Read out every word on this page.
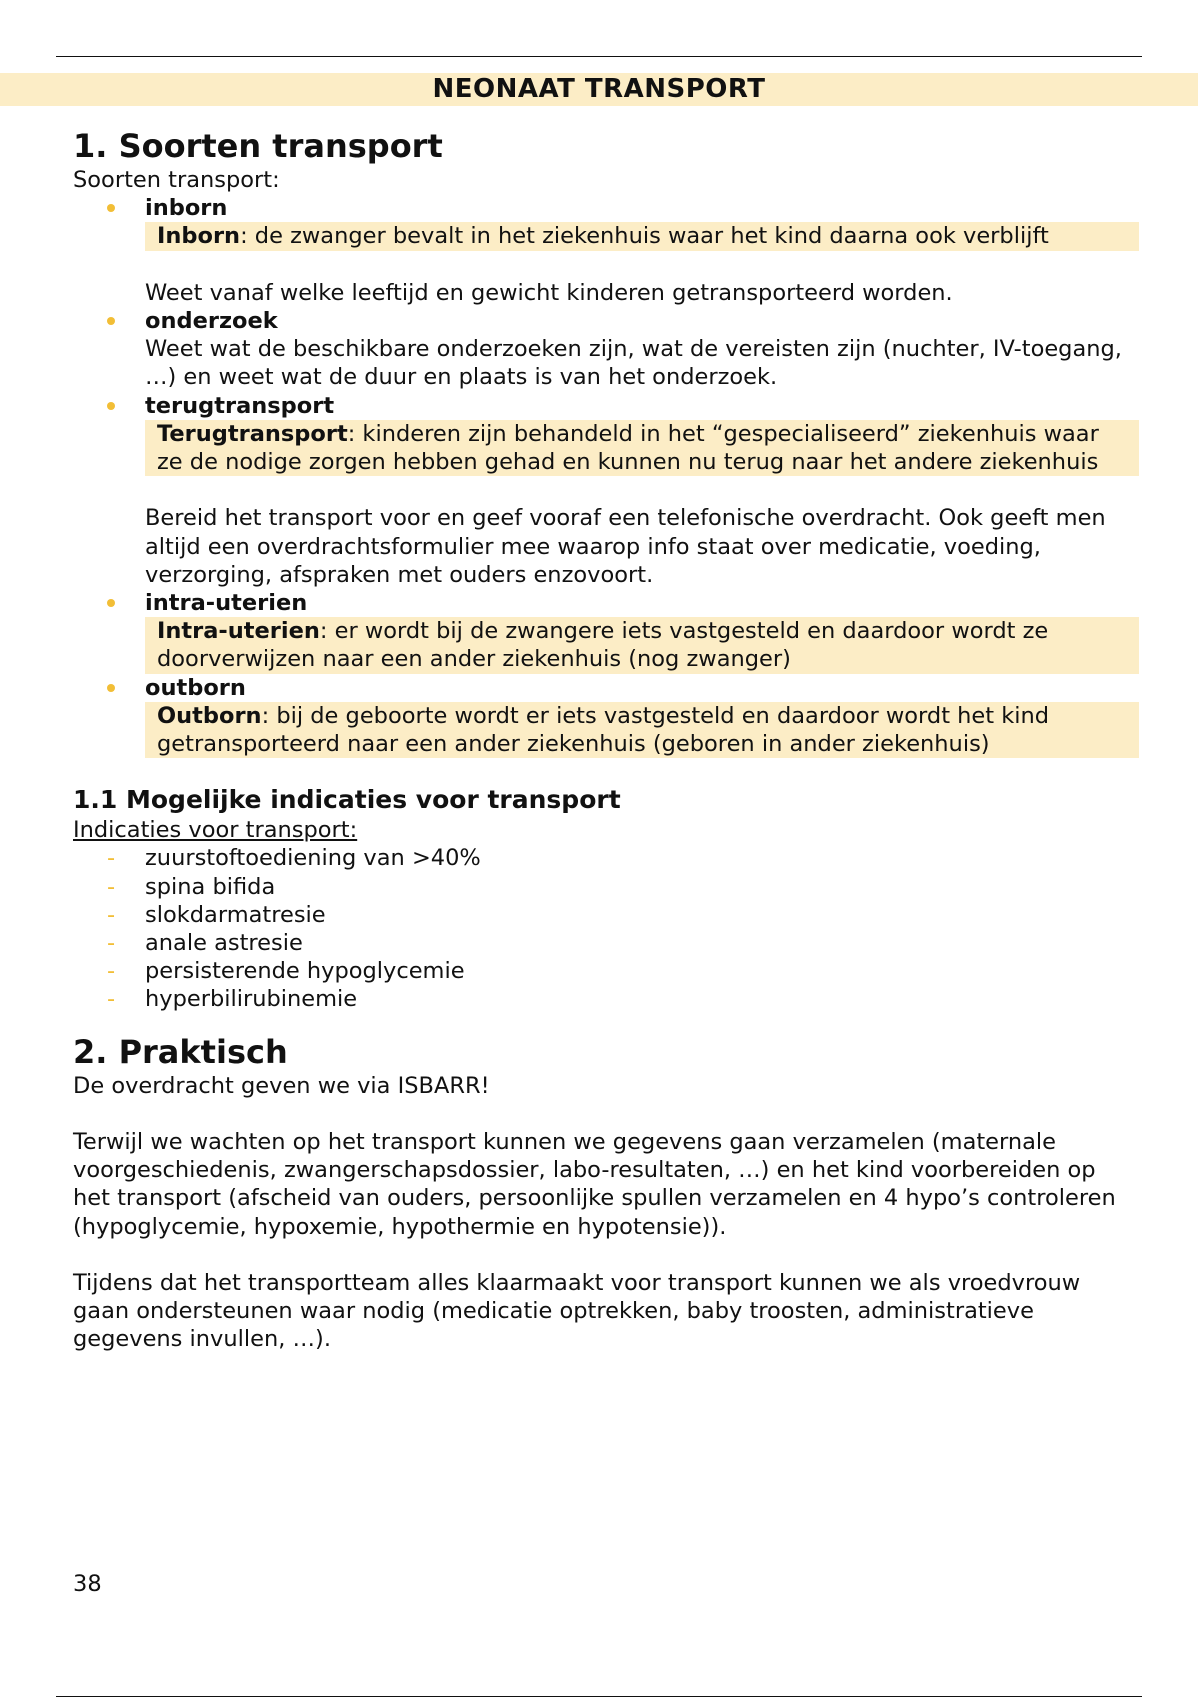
NEONAAT TRANSPORT
1. Soorten transport

Soorten transport:

inborn
Inborn: de zwanger bevalt in het ziekenhuis waar het kind daarna ook verblijft

Weet vanaf welke leeftijd en gewicht kinderen getransporteerd worden.

onderzoek

Weet wat de beschikbare onderzoeken zijn, wat de vereisten zijn (nuchter, IV-toegang, …) en weet wat de duur en plaats is van het onderzoek.

terugtransport
Terugtransport: kinderen zijn behandeld in het “gespecialiseerd” ziekenhuis waar ze de nodige zorgen hebben gehad en kunnen nu terug naar het andere ziekenhuis

Bereid het transport voor en geef vooraf een telefonische overdracht. Ook geeft men altijd een overdrachtsformulier mee waarop info staat over medicatie, voeding, verzorging, afspraken met ouders enzovoort.

intra-uterien
Intra-uterien: er wordt bij de zwangere iets vastgesteld en daardoor wordt ze doorverwijzen naar een ander ziekenhuis (nog zwanger)
outborn
Outborn: bij de geboorte wordt er iets vastgesteld en daardoor wordt het kind getransporteerd naar een ander ziekenhuis (geboren in ander ziekenhuis)
1.1 Mogelijke indicaties voor transport

Indicaties voor transport:

- zuurstoftoediening van >40%
- spina bifida
- slokdarmatresie
- anale astresie
- persisterende hypoglycemie
- hyperbilirubinemie
2. Praktisch

De overdracht geven we via ISBARR!

Terwijl we wachten op het transport kunnen we gegevens gaan verzamelen (maternale voorgeschiedenis, zwangerschapsdossier, labo-resultaten, …) en het kind voorbereiden op het transport (afscheid van ouders, persoonlijke spullen verzamelen en 4 hypo’s controleren (hypoglycemie, hypoxemie, hypothermie en hypotensie)).

Tijdens dat het transportteam alles klaarmaakt voor transport kunnen we als vroedvrouw gaan ondersteunen waar nodig (medicatie optrekken, baby troosten, administratieve gegevens invullen, …).

38
